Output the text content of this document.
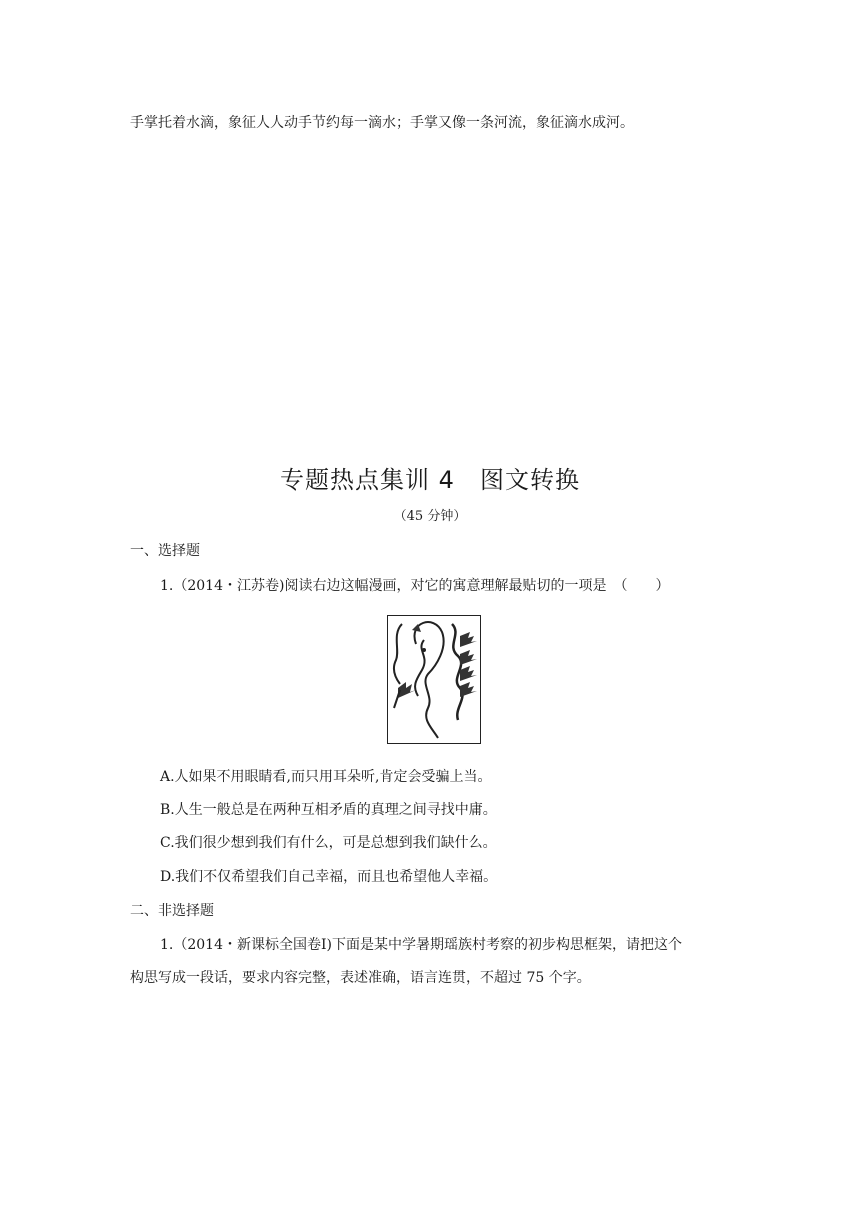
手掌托着水滴，象征人人动手节约每一滴水；手掌又像一条河流，象征滴水成河。
专题热点集训 4　图文转换
（45 分钟）
一、选择题
1.（2014・江苏卷)阅读右边这幅漫画，对它的寓意理解最贴切的一项是　（　　）
A.人如果不用眼睛看,而只用耳朵听,肯定会受骗上当。
B.人生一般总是在两种互相矛盾的真理之间寻找中庸。
C.我们很少想到我们有什么，可是总想到我们缺什么。
D.我们不仅希望我们自己幸福，而且也希望他人幸福。
二、非选择题
1.（2014・新课标全国卷Ⅰ)下面是某中学暑期瑶族村考察的初步构思框架，请把这个
构思写成一段话，要求内容完整，表述准确，语言连贯，不超过 75 个字。
